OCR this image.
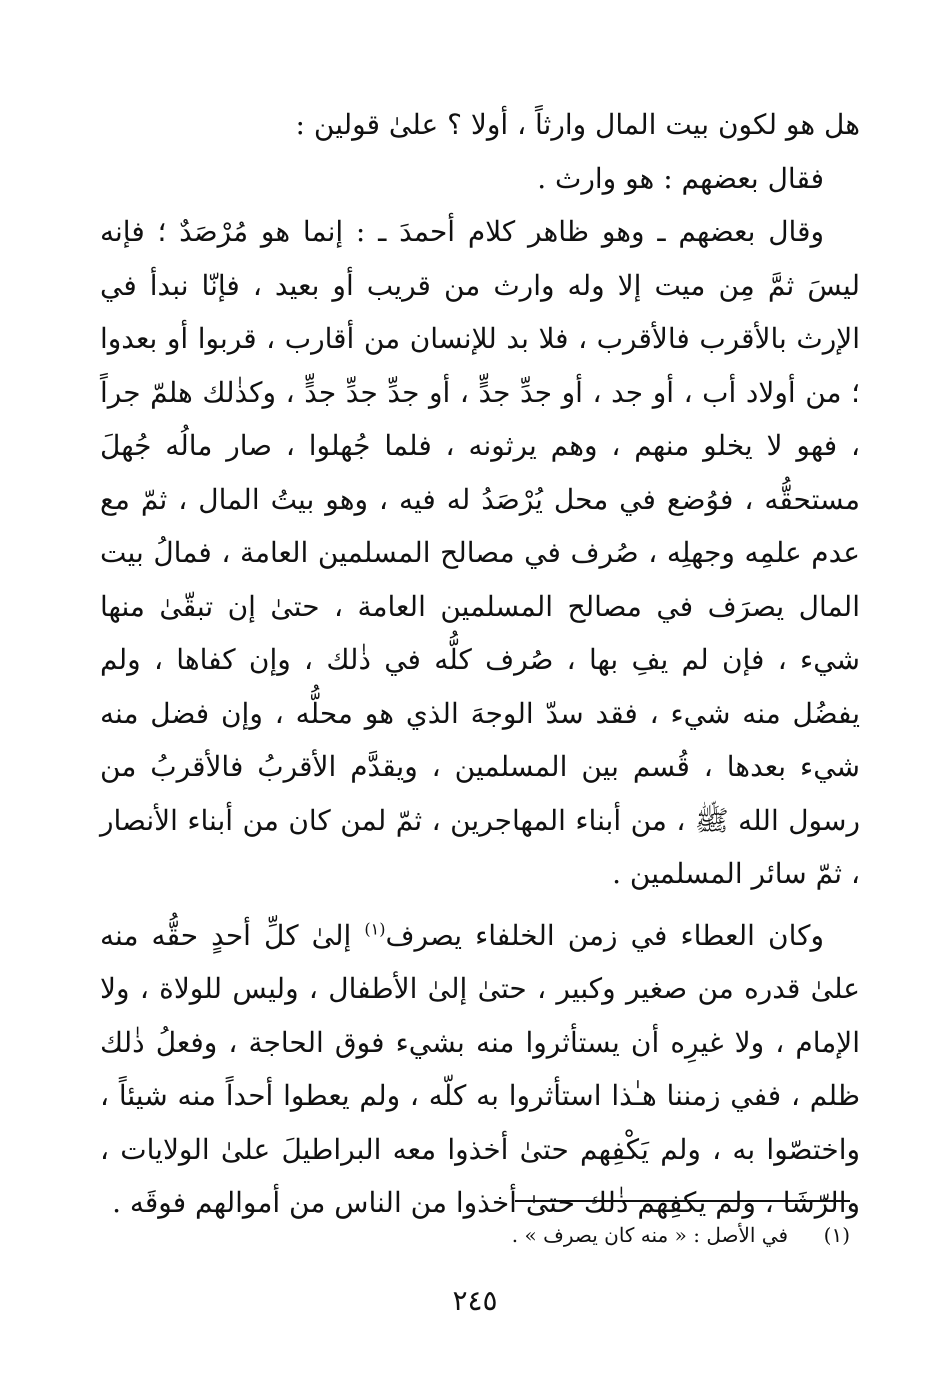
هل هو لكون بيت المال وارثاً ، أولا ؟ علىٰ قولين :

فقال بعضهم : هو وارث .

وقال بعضهم ـ وهو ظاهر كلام أحمدَ ـ : إنما هو مُرْصَدٌ ؛ فإنه ليسَ ثمَّ مِن ميت إلا وله وارث من قريب أو بعيد ، فإنّا نبدأ في الإرث بالأقرب فالأقرب ، فلا بد للإنسان من أقارب ، قربوا أو بعدوا ؛ من أولاد أب ، أو جد ، أو جدِّ جدٍّ ، أو جدِّ جدِّ جدٍّ ، وكذٰلك هلمّ جراً ، فهو لا يخلو منهم ، وهم يرثونه ، فلما جُهلوا ، صار مالُه جُهلَ مستحقُّه ، فوُضع في محل يُرْصَدُ له فيه ، وهو بيتُ المال ، ثمّ مع عدم علمِه وجهلِه ، صُرف في مصالح المسلمين العامة ، فمالُ بيت المال يصرَف في مصالح المسلمين العامة ، حتىٰ إن تبقّىٰ منها شيء ، فإن لم يفِ بها ، صُرف كلُّه في ذٰلك ، وإن كفاها ، ولم يفضُل منه شيء ، فقد سدّ الوجهَ الذي هو محلُّه ، وإن فضل منه شيء بعدها ، قُسم بين المسلمين ، ويقدَّم الأقربُ فالأقربُ من رسول الله ﷺ ، من أبناء المهاجرين ، ثمّ لمن كان من أبناء الأنصار ، ثمّ سائر المسلمين .

وكان العطاء في زمن الخلفاء يصرف$^{(١)}$ إلىٰ كلِّ أحدٍ حقُّه منه علىٰ قدره من صغير وكبير ، حتىٰ إلىٰ الأطفال ، وليس للولاة ، ولا الإمام ، ولا غيرِه أن يستأثروا منه بشيء فوق الحاجة ، وفعلُ ذٰلك ظلم ، ففي زمننا هـٰذا استأثروا به كلّه ، ولم يعطوا أحداً منه شيئاً ، واختصّوا به ، ولم يَكْفِهم حتىٰ أخذوا معه البراطيلَ علىٰ الولايات ، والرّشَا ، ولم يكفِهم ذٰلك حتىٰ أخذوا من الناس من أموالهم فوقَه .

(١)في الأصل : « منه كان يصرف » .
٢٤٥
